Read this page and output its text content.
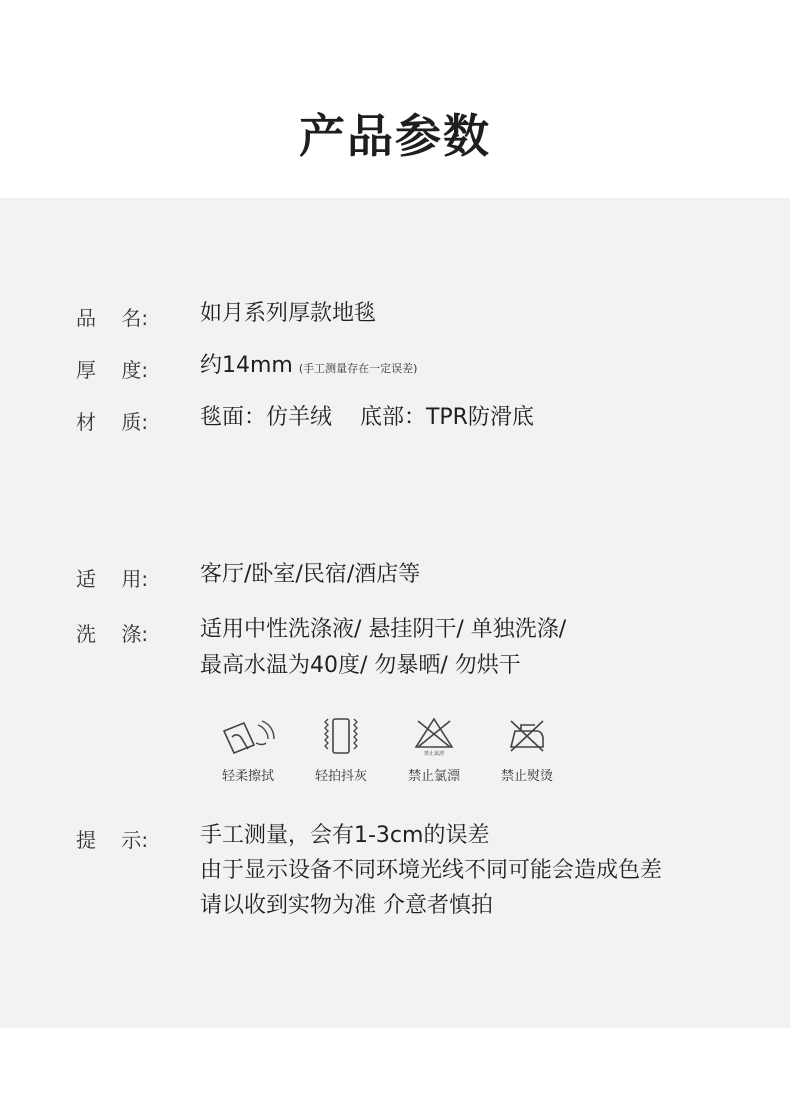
产品参数
品    名:	如月系列厚款地毯
厚    度:	约14mm (手工测量存在一定误差)
材    质:	毯面：仿羊绒    底部：TPR防滑底
适    用:	客厅/卧室/民宿/酒店等
洗    涤:	适用中性洗涤液/ 悬挂阴干/ 单独洗涤/
最高水温为40度/ 勿暴晒/ 勿烘干
轻柔擦拭	轻拍抖灰
禁止氯漂
禁止氯漂	禁止熨烫
提    示:	手工测量，会有1-3cm的误差
由于显示设备不同环境光线不同可能会造成色差
请以收到实物为准 介意者慎拍
